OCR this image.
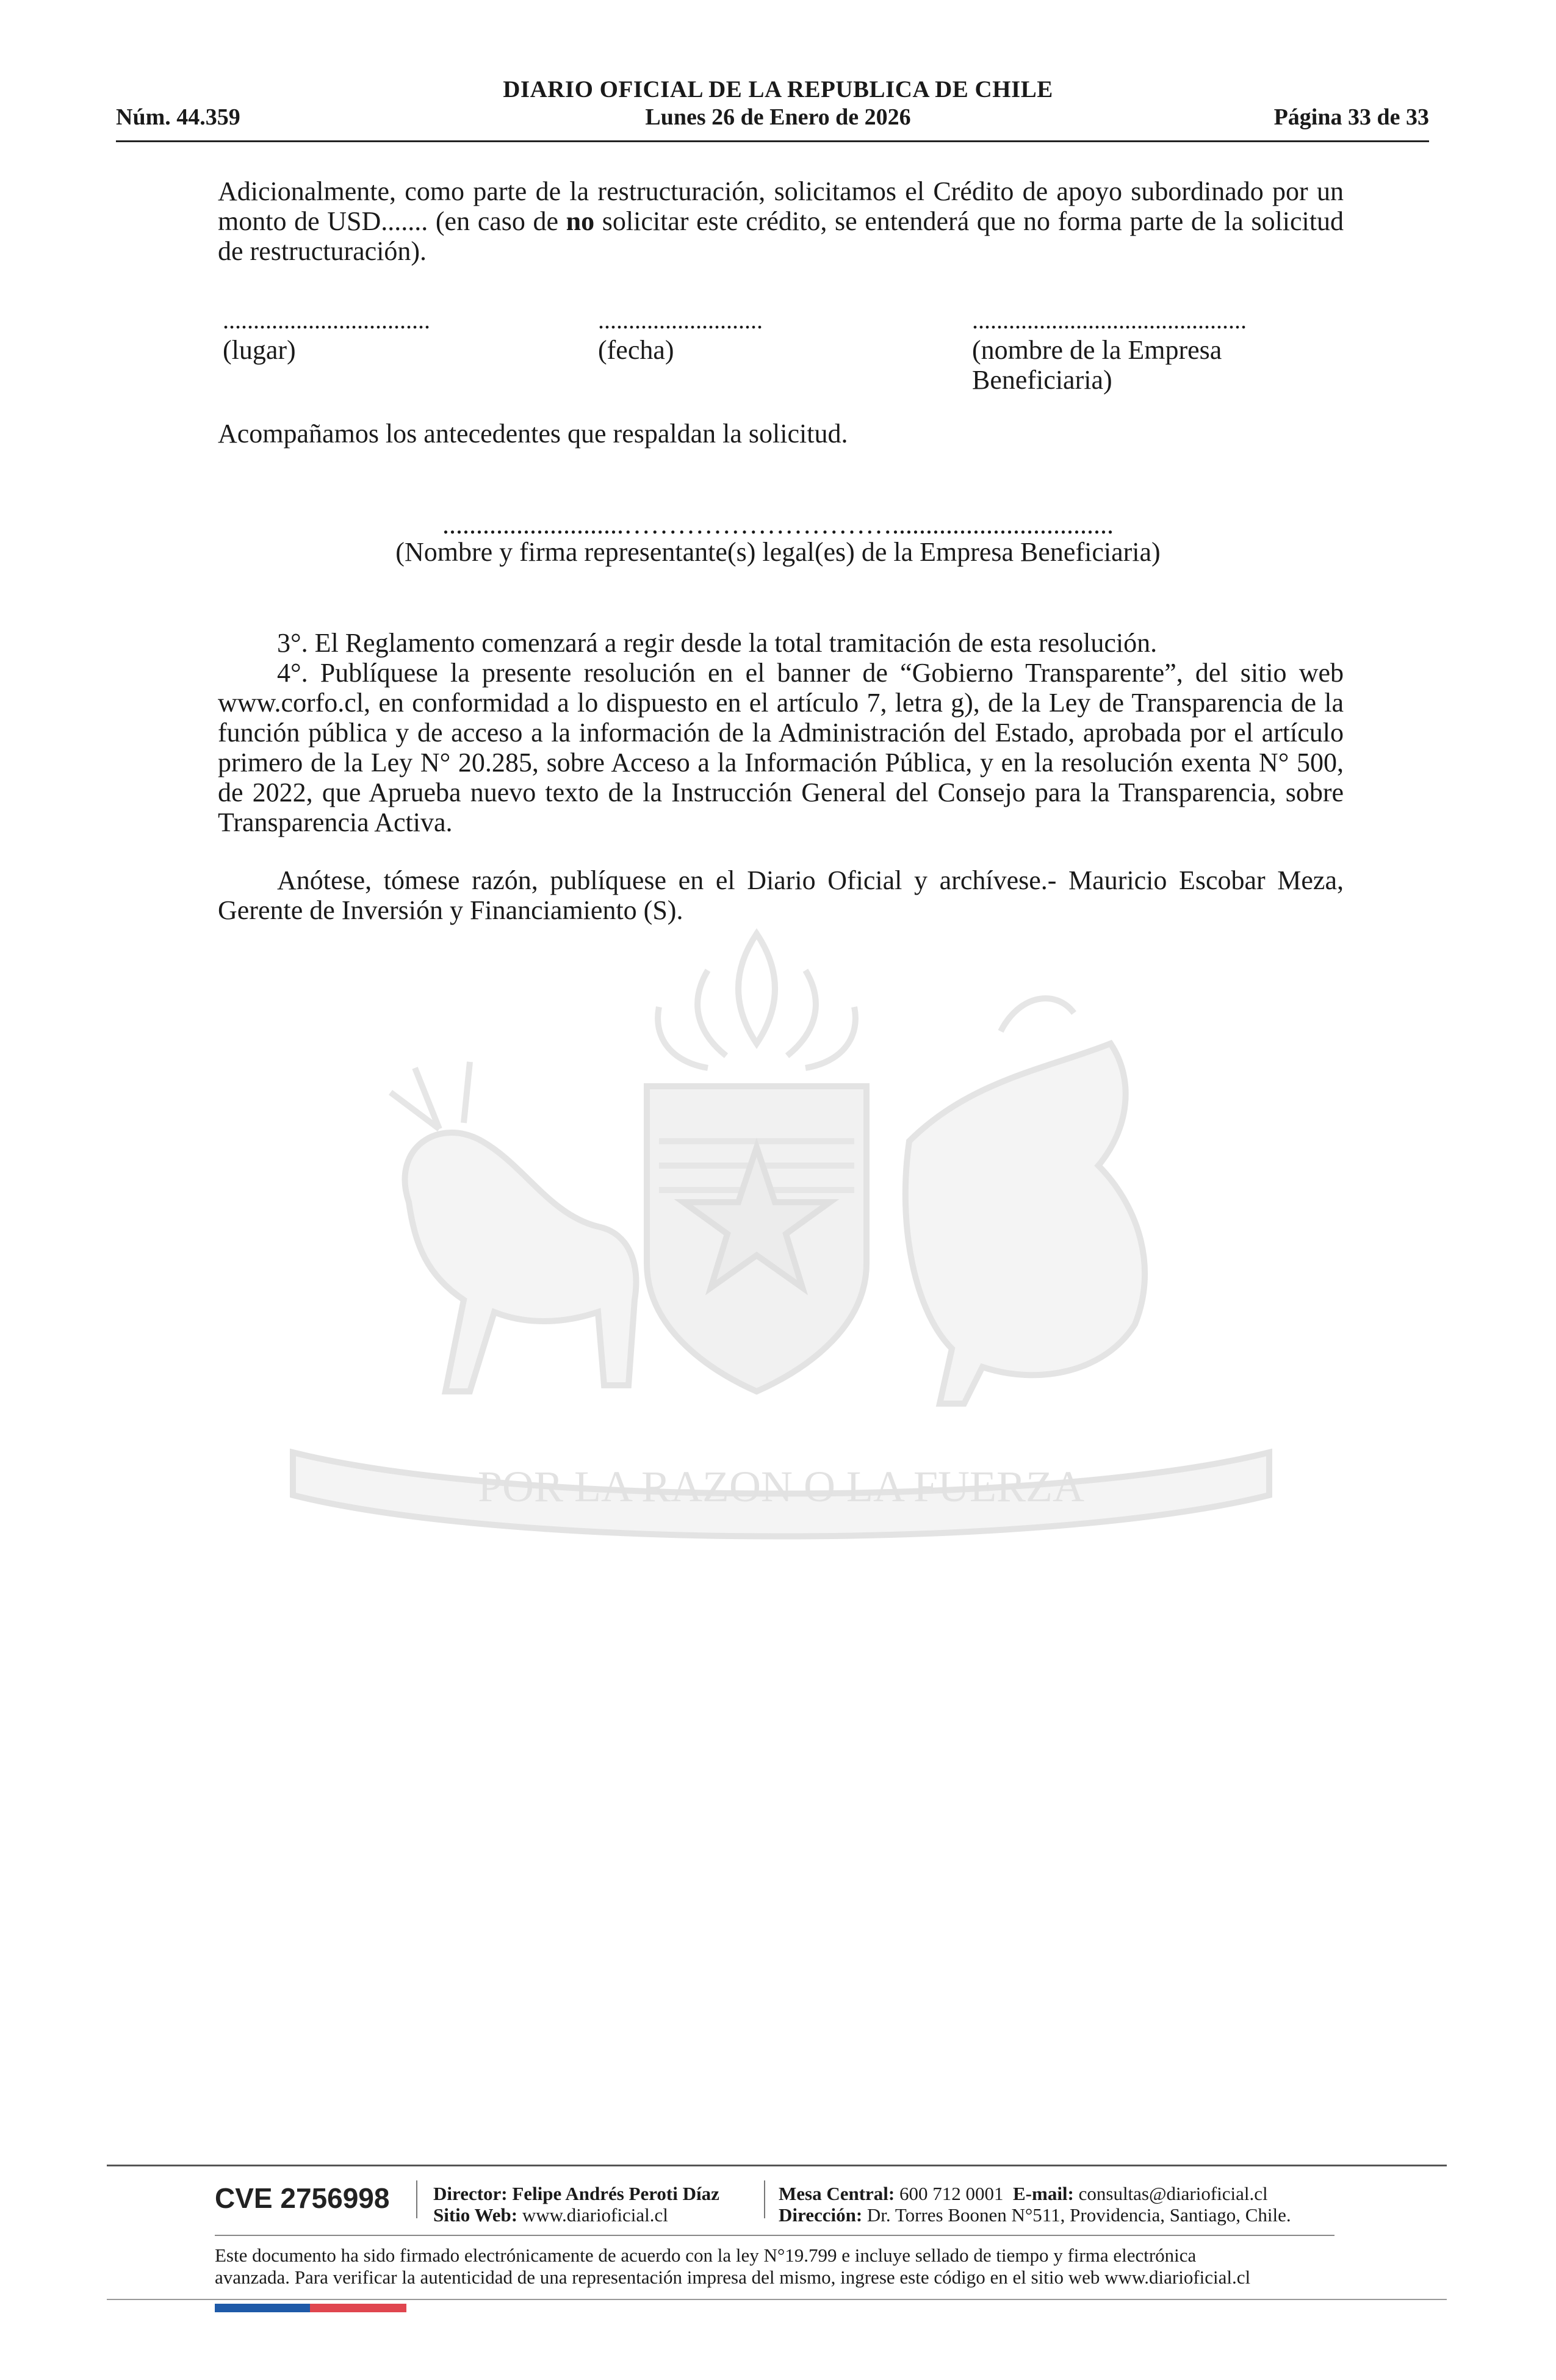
POR LA RAZON O LA FUERZA
DIARIO OFICIAL DE LA REPUBLICA DE CHILE
Núm. 44.359	Lunes 26 de Enero de 2026	Página 33 de 33
Adicionalmente, como parte de la restructuración, solicitamos el Crédito de apoyo subordinado por un monto de USD....... (en caso de no solicitar este crédito, se entenderá que no forma parte de la solicitud de restructuración).
..................................
(lugar)
...........................
(fecha)
.............................................
(nombre de la Empresa Beneficiaria)
Acompañamos los antecedentes que respaldan la solicitud.
...........................………………………….................................
(Nombre y firma representante(s) legal(es) de la Empresa Beneficiaria)

3°. El Reglamento comenzará a regir desde la total tramitación de esta resolución.

4°. Publíquese la presente resolución en el banner de “Gobierno Transparente”, del sitio web www.corfo.cl, en conformidad a lo dispuesto en el artículo 7, letra g), de la Ley de Transparencia de la función pública y de acceso a la información de la Administración del Estado, aprobada por el artículo primero de la Ley N° 20.285, sobre Acceso a la Información Pública, y en la resolución exenta N° 500, de 2022, que Aprueba nuevo texto de la Instrucción General del Consejo para la Transparencia, sobre Transparencia Activa.

Anótese, tómese razón, publíquese en el Diario Oficial y archívese.- Mauricio Escobar Meza, Gerente de Inversión y Financiamiento (S).

CVE 2756998 Director: Felipe Andrés Peroti Díaz
Sitio Web: www.diarioficial.cl
Mesa Central: 600 712 0001 E-mail: consultas@diarioficial.cl
Dirección: Dr. Torres Boonen N°511, Providencia, Santiago, Chile.
Este documento ha sido firmado electrónicamente de acuerdo con la ley N°19.799 e incluye sellado de tiempo y firma electrónica
avanzada. Para verificar la autenticidad de una representación impresa del mismo, ingrese este código en el sitio web www.diarioficial.cl
